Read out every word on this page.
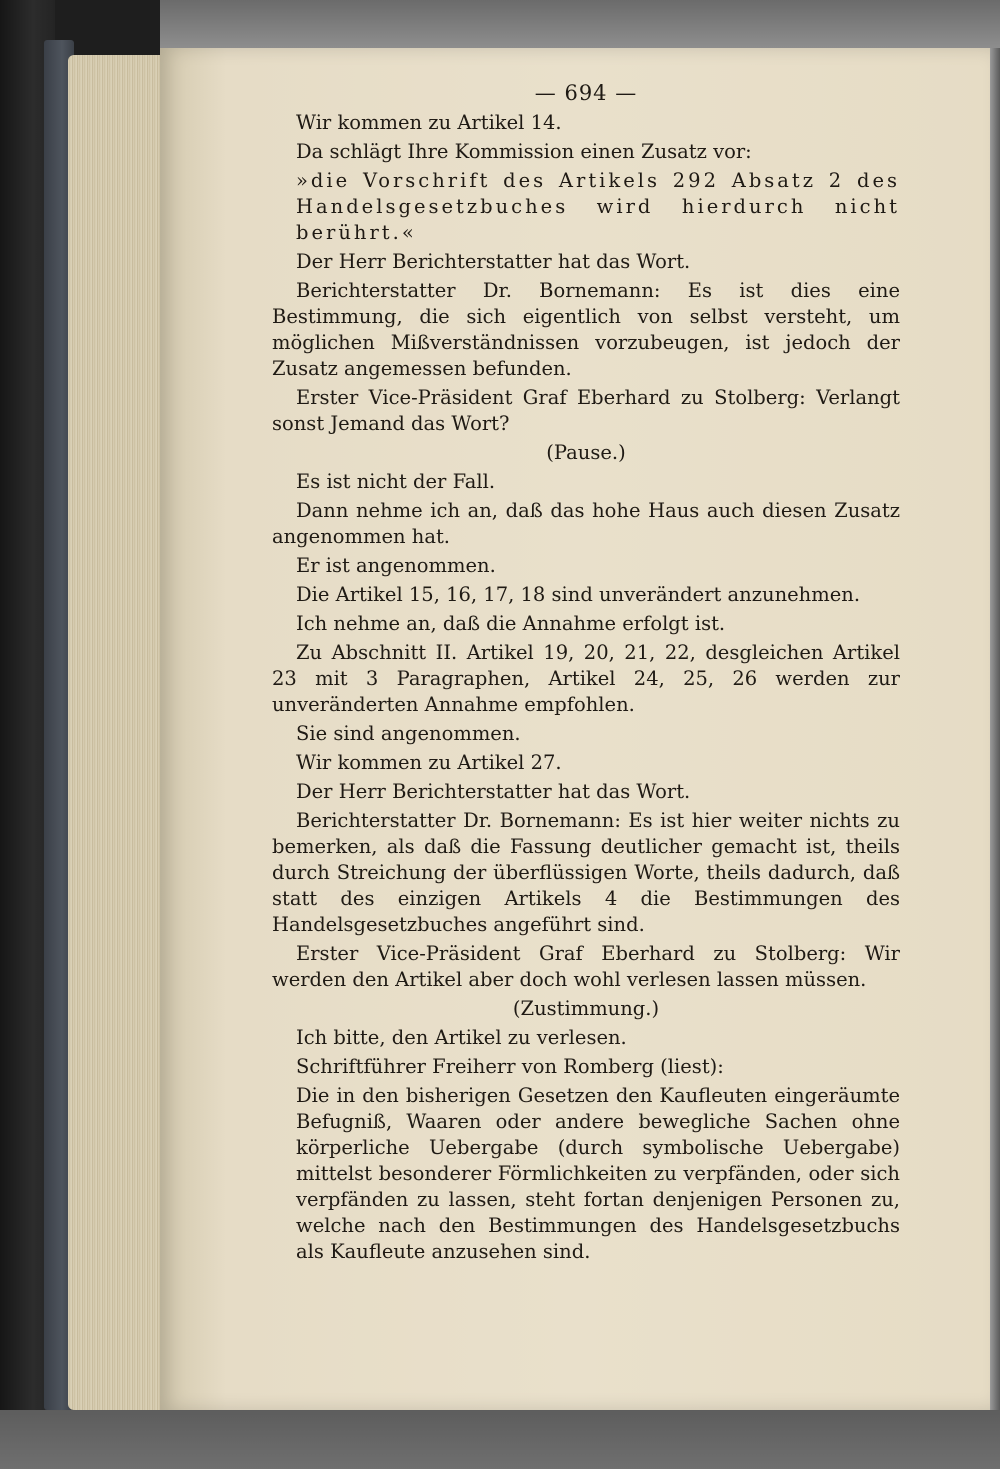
— 694 —

Wir kommen zu Artikel 14.

Da schlägt Ihre Kommission einen Zusatz vor:

»die Vorschrift des Artikels 292 Absatz 2 des Handelsgesetzbuches wird hierdurch nicht berührt.«

Der Herr Berichterstatter hat das Wort.

Berichterstatter Dr. Bornemann: Es ist dies eine Bestimmung, die sich eigentlich von selbst versteht, um möglichen Mißverständnissen vorzubeugen, ist jedoch der Zusatz angemessen befunden.

Erster Vice-Präsident Graf Eberhard zu Stolberg: Verlangt sonst Jemand das Wort?

(Pause.)

Es ist nicht der Fall.

Dann nehme ich an, daß das hohe Haus auch diesen Zusatz angenommen hat.

Er ist angenommen.

Die Artikel 15, 16, 17, 18 sind unverändert anzunehmen.

Ich nehme an, daß die Annahme erfolgt ist.

Zu Abschnitt II. Artikel 19, 20, 21, 22, desgleichen Artikel 23 mit 3 Paragraphen, Artikel 24, 25, 26 werden zur unveränderten Annahme empfohlen.

Sie sind angenommen.

Wir kommen zu Artikel 27.

Der Herr Berichterstatter hat das Wort.

Berichterstatter Dr. Bornemann: Es ist hier weiter nichts zu bemerken, als daß die Fassung deutlicher gemacht ist, theils durch Streichung der überflüssigen Worte, theils dadurch, daß statt des einzigen Artikels 4 die Bestimmungen des Handelsgesetzbuches angeführt sind.

Erster Vice-Präsident Graf Eberhard zu Stolberg: Wir werden den Artikel aber doch wohl verlesen lassen müssen.

(Zustimmung.)

Ich bitte, den Artikel zu verlesen.

Schriftführer Freiherr von Romberg (liest):

Die in den bisherigen Gesetzen den Kaufleuten eingeräumte Befugniß, Waaren oder andere bewegliche Sachen ohne körperliche Uebergabe (durch symbolische Uebergabe) mittelst besonderer Förmlichkeiten zu verpfänden, oder sich verpfänden zu lassen, steht fortan denjenigen Personen zu, welche nach den Bestimmungen des Handelsgesetzbuchs als Kaufleute anzusehen sind.
